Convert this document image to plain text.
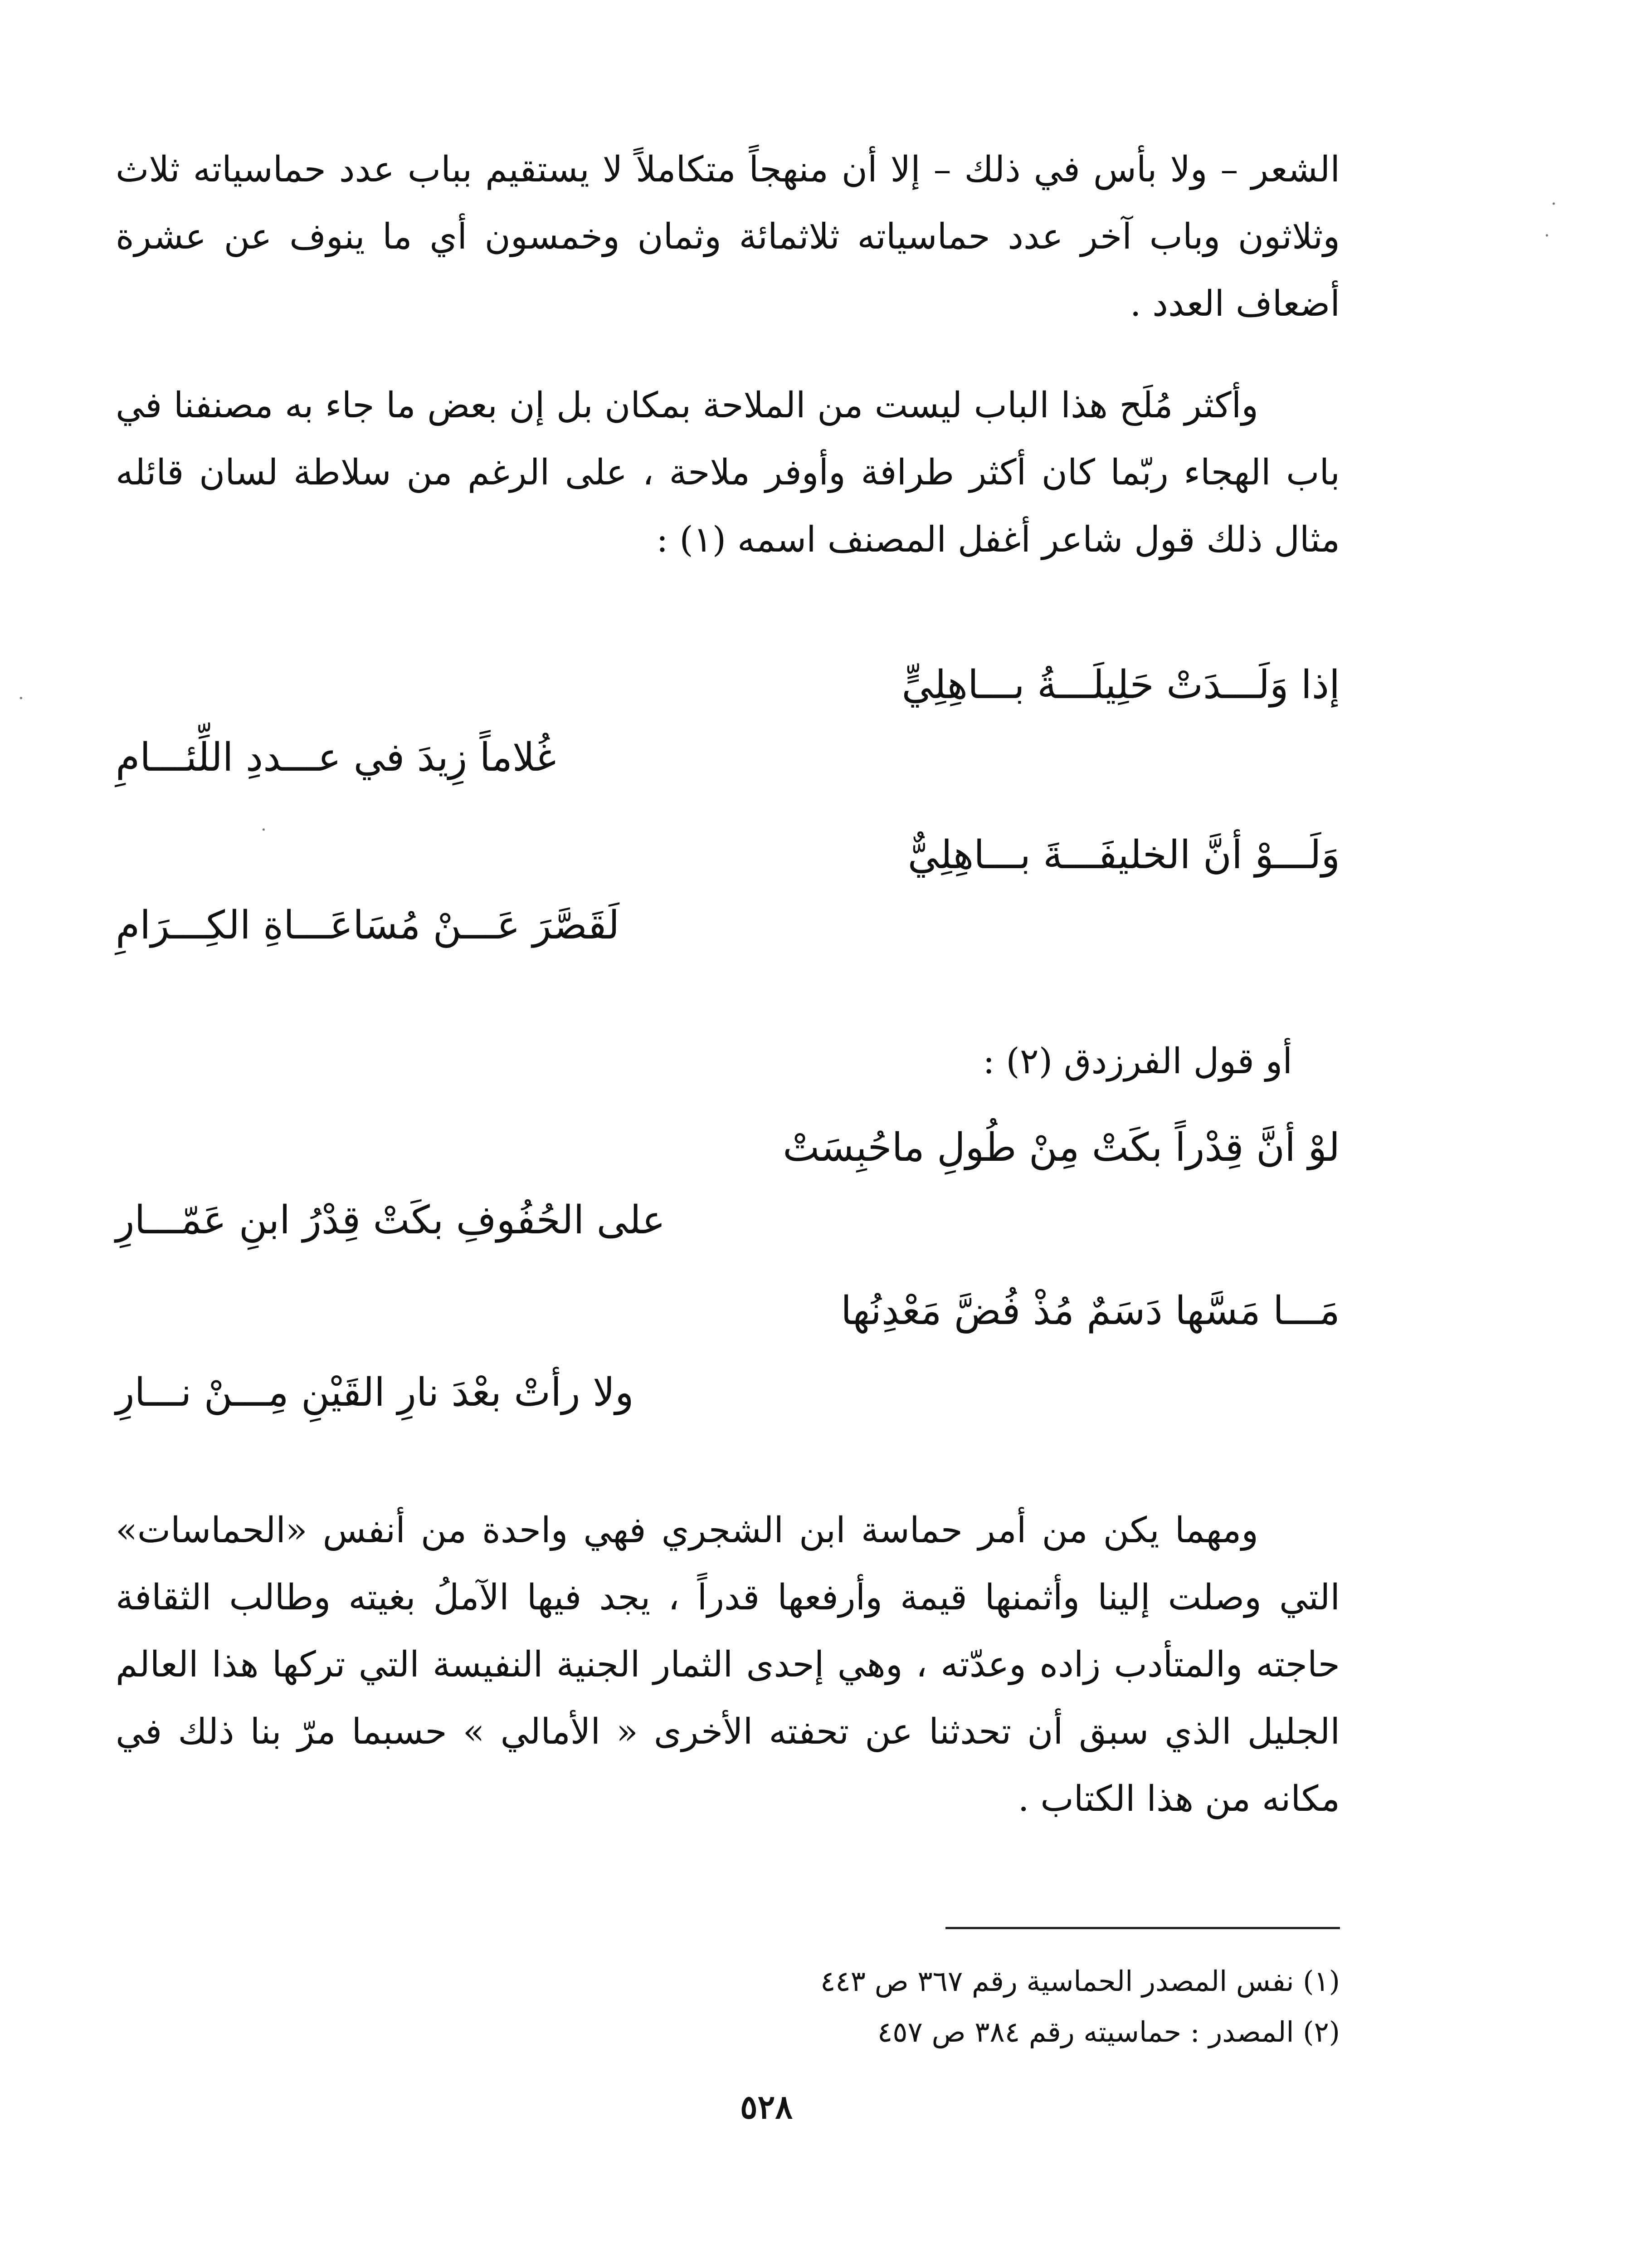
الشعر – ولا بأس في ذلك – إلا أن منهجاً متكاملاً لا يستقيم بباب عدد حماسياته ثلاث وثلاثون وباب آخر عدد حماسياته ثلاثمائة وثمان وخمسون أي ما ينوف عن عشرة أضعاف العدد .

وأكثر مُلَح هذا الباب ليست من الملاحة بمكان بل إن بعض ما جاء به مصنفنا في باب الهجاء ربّما كان أكثر طرافة وأوفر ملاحة ، على الرغم من سلاطة لسان قائله مثال ذلك قول شاعر أغفل المصنف اسمه (١) :

إذا وَلَـــدَتْ حَلِيلَـــةُ بـــاهِلِيٍّ

غُلاماً زِيدَ في عـــددِ اللِّئـــامِ

وَلَـــوْ أنَّ الخليفَـــةَ بـــاهِلِيٌّ

لَقَصَّرَ عَـــنْ مُسَاعَـــاةِ الكِـــرَامِ

أو قول الفرزدق (٢) :

لوْ أنَّ قِدْراً بكَتْ مِنْ طُولِ ماحُبِسَتْ

على الحُفُوفِ بكَتْ قِدْرُ ابنِ عَمّـــارِ

مَـــا مَسَّها دَسَمٌ مُذْ فُضَّ مَعْدِنُها

ولا رأتْ بعْدَ نارِ القَيْنِ مِـــنْ نـــارِ

ومهما يكن من أمر حماسة ابن الشجري فهي واحدة من أنفس «الحماسات» التي وصلت إلينا وأثمنها قيمة وأرفعها قدراً ، يجد فيها الآملُ بغيته وطالب الثقافة حاجته والمتأدب زاده وعدّته ، وهي إحدى الثمار الجنية النفيسة التي تركها هذا العالم الجليل الذي سبق أن تحدثنا عن تحفته الأخرى « الأمالي » حسبما مرّ بنا ذلك في مكانه من هذا الكتاب .

(١) نفس المصدر الحماسية رقم ٣٦٧ ص ٤٤٣

(٢) المصدر : حماسيته رقم ٣٨٤ ص ٤٥٧

٥٢٨

·
·
·
·
